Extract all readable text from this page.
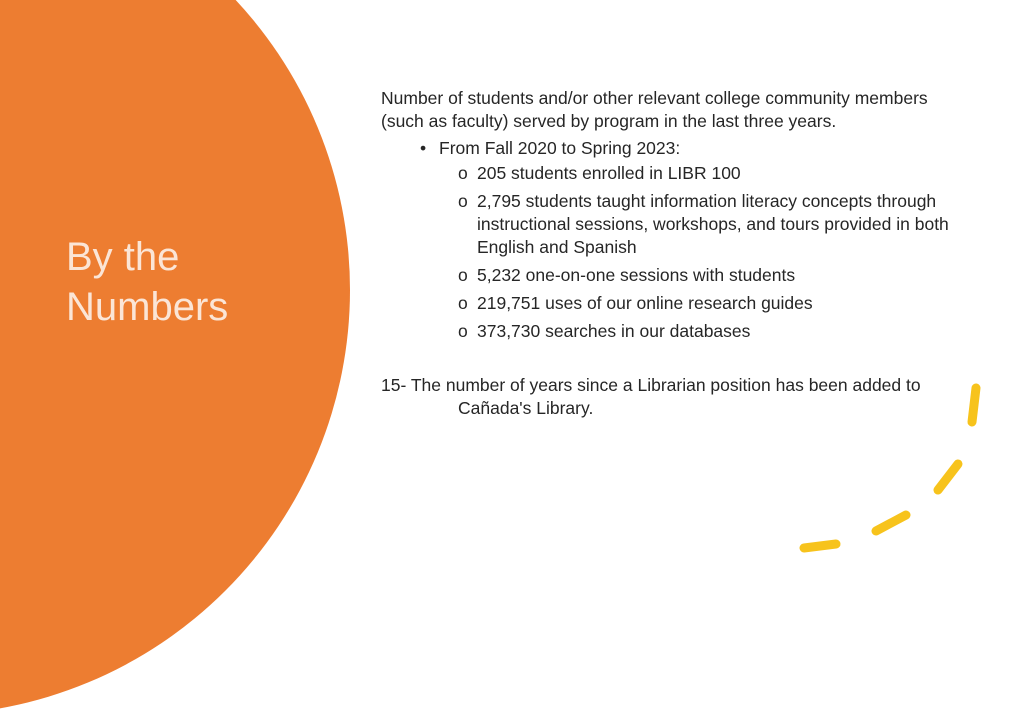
By the Numbers

Number of students and/or other relevant college community members (such as faculty) served by program in the last three years.

• From Fall 2020 to Spring 2023:
o 205 students enrolled in LIBR 100
o 2,795 students taught information literacy concepts through instructional sessions, workshops, and tours provided in both English and Spanish
o 5,232 one-on-one sessions with students
o 219,751 uses of our online research guides
o 373,730 searches in our databases

15- The number of years since a Librarian position has been added to Cañada's Library.
